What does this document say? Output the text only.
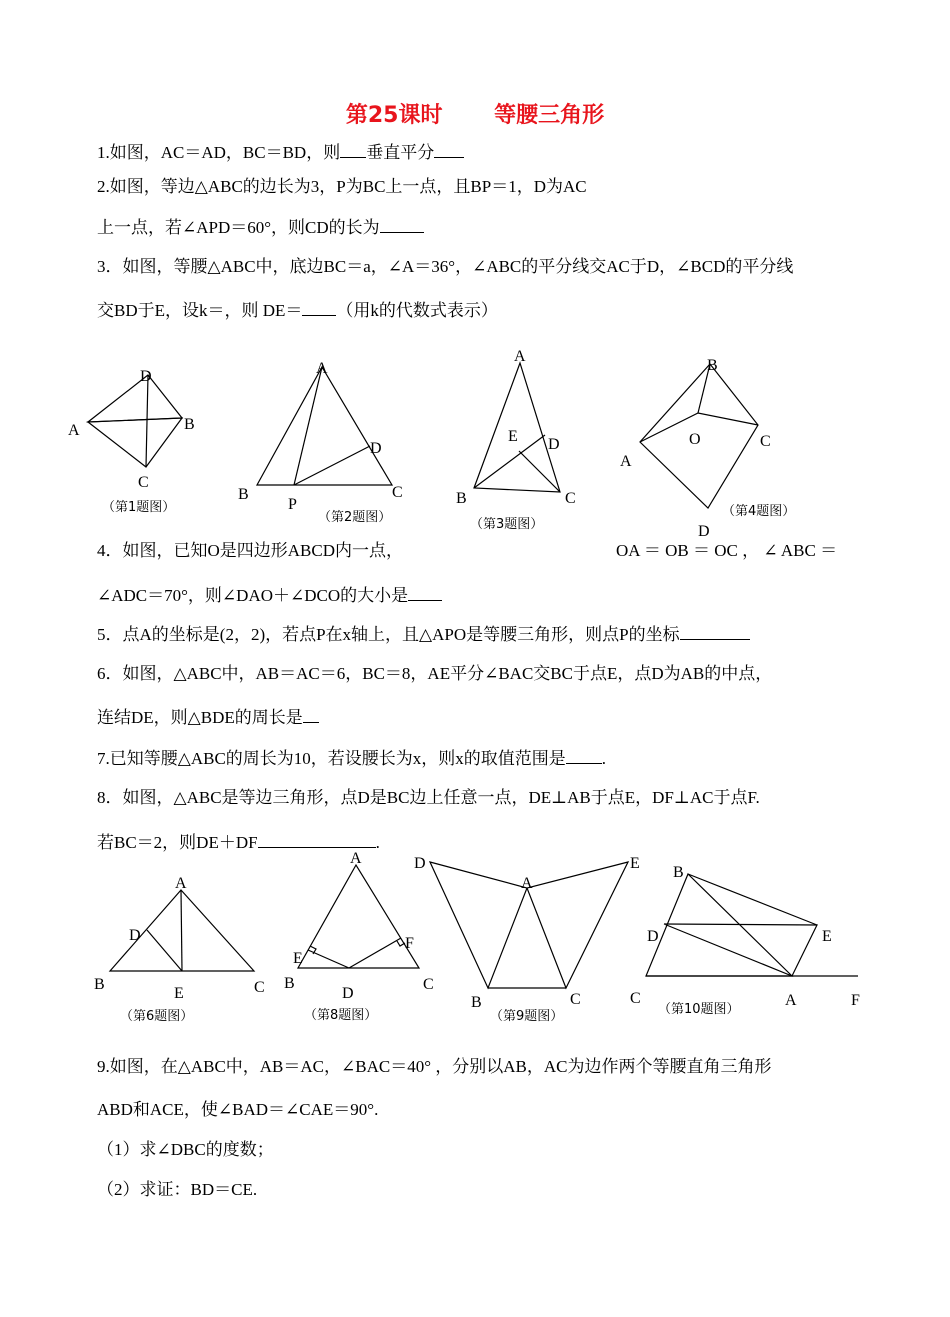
第25课时 等腰三角形
1.如图，AC＝AD，BC＝BD，则 垂直平分
2.如图，等边△ABC的边长为3，P为BC上一点，且BP＝1，D为AC
上一点，若∠APD＝60°，则CD的长为
3．如图，等腰△ABC中，底边BC＝a，∠A＝36°，∠ABC的平分线交AC于D，∠BCD的平分线
交BD于E，设k＝，则 DE＝ （用k的代数式表示）
D
A	B
C
（第1题图）
A
D
B
P
C
（第2题图）
A
E D
B	C
（第3题图）
B
O	C
A
D
（第4题图）
4．如图，已知O是四边形ABCD内一点，	OA ＝ OB ＝ OC ， ∠ ABC ＝
∠ADC＝70°，则∠DAO＋∠DCO的大小是
5．点A的坐标是(2，2)，若点P在x轴上，且△APO是等腰三角形，则点P的坐标
6．如图，△ABC中，AB＝AC＝6，BC＝8，AE平分∠BAC交BC于点E，点D为AB的中点，
连结DE，则△BDE的周长是
7.已知等腰△ABC的周长为10，若设腰长为x，则x的取值范围是 .
8．如图，△ABC是等边三角形，点D是BC边上任意一点，DE⊥AB于点E，DF⊥AC于点F.
若BC＝2，则DE＋DF	.
A
D
B
E	C
（第6题图）
A
E
F
B
D
C
（第8题图）
D	E
A
B	C
（第9题图）
B
D	E
C	A	F
（第10题图）
9.如图，在△ABC中，AB＝AC，∠BAC＝40° ，分别以AB，AC为边作两个等腰直角三角形
ABD和ACE，使∠BAD＝∠CAE＝90°.
（1）求∠DBC的度数；
（2）求证：BD＝CE.
